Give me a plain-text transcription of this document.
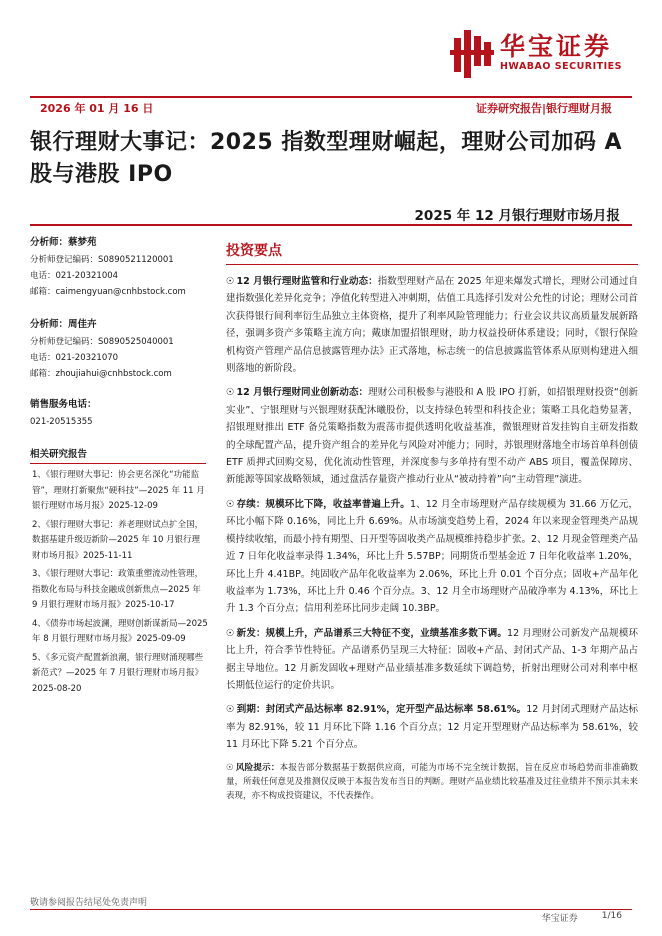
华宝证券
HWABAO SECURITIES
2026 年 01 月 16 日	证券研究报告|银行理财月报
银行理财大事记：2025 指数型理财崛起，理财公司加码 A 股与港股 IPO
2025 年 12 月银行理财市场月报
分析师：蔡梦苑
分析师登记编码：S0890521120001
电话：021-20321004
邮箱：caimengyuan@cnhbstock.com
分析师：周佳卉
分析师登记编码：S0890525040001
电话：021-20321070
邮箱：zhoujiahui@cnhbstock.com
销售服务电话：
021-20515355
相关研究报告
1、《银行理财大事记：协会更名深化“功能监管”，理财打新聚焦“硬科技”—2025 年 11 月银行理财市场月报》2025-12-09
2、《银行理财大事记：养老理财试点扩全国，数据基建升级迈新阶—2025 年 10 月银行理财市场月报》2025-11-11
3、《银行理财大事记：政策重塑流动性管理，指数化布局与科技金融成创新焦点—2025 年 9 月银行理财市场月报》2025-10-17
4、《债券市场起波澜，理财创新谋新局—2025 年 8 月银行理财市场月报》2025-09-09
5、《多元资产配置新浪潮，银行理财涌现哪些新范式？—2025 年 7 月银行理财市场月报》2025-08-20
投资要点
☉ 12 月银行理财监管和行业动态：指数型理财产品在 2025 年迎来爆发式增长，理财公司通过自建指数强化差异化竞争；净值化转型进入冲刺期，估值工具选择引发对公允性的讨论；理财公司首次获得银行间利率衍生品独立主体资格，提升了利率风险管理能力；行业会议共议高质量发展新路径，强调多资产多策略主流方向；戴康加盟招银理财，助力权益投研体系建设；同时，《银行保险机构资产管理产品信息披露管理办法》正式落地，标志统一的信息披露监管体系从原则构建进入细则落地的新阶段。
☉ 12 月银行理财同业创新动态：理财公司积极参与港股和 A 股 IPO 打新，如招银理财投资“创新实业”、宁银理财与兴银理财获配沐曦股份，以支持绿色转型和科技企业；策略工具化趋势显著，招银理财推出 ETF 备兑策略指数为震荡市提供透明化收益基准，微银理财首发挂钩自主研发指数的全球配置产品，提升资产组合的差异化与风险对冲能力；同时，苏银理财落地全市场首单科创债 ETF 质押式回购交易，优化流动性管理，并深度参与多单持有型不动产 ABS 项目，覆盖保障房、新能源等国家战略领域，通过盘活存量资产推动行业从“被动持着”向“主动管理”演进。
☉ 存续：规模环比下降，收益率普遍上升。1、12 月全市场理财产品存续规模为 31.66 万亿元，环比小幅下降 0.16%，同比上升 6.69%。从市场演变趋势上看，2024 年以来现金管理类产品规模持续收缩，而最小持有期型、日开型等固收类产品规模维持稳步扩张。2、12 月现金管理类产品近 7 日年化收益率录得 1.34%，环比上升 5.57BP；同期货币型基金近 7 日年化收益率 1.20%，环比上升 4.41BP。纯固收产品年化收益率为 2.06%，环比上升 0.01 个百分点；固收+产品年化收益率为 1.73%，环比上升 0.46 个百分点。3、12 月全市场理财产品破净率为 4.13%，环比上升 1.3 个百分点；信用利差环比同步走阔 10.3BP。
☉ 新发：规模上升，产品谱系三大特征不变，业绩基准多数下调。12 月理财公司新发产品规模环比上升，符合季节性特征。产品谱系仍呈现三大特征：固收+产品、封闭式产品、1-3 年期产品占据主导地位。12 月新发固收+理财产品业绩基准多数延续下调趋势，折射出理财公司对利率中枢长期低位运行的定价共识。
☉ 到期：封闭式产品达标率 82.91%，定开型产品达标率 58.61%。12 月封闭式理财产品达标率为 82.91%，较 11 月环比下降 1.16 个百分点；12 月定开型理财产品达标率为 58.61%，较 11 月环比下降 5.21 个百分点。
☉ 风险提示：本报告部分数据基于数据供应商，可能为市场不完全统计数据，旨在反应市场趋势而非准确数量，所载任何意见及推测仅反映于本报告发布当日的判断。理财产品业绩比较基准及过往业绩并不预示其未来表现，亦不构成投资建议，不代表操作。
敬请参阅报告结尾处免责声明
华宝证券	1/16
